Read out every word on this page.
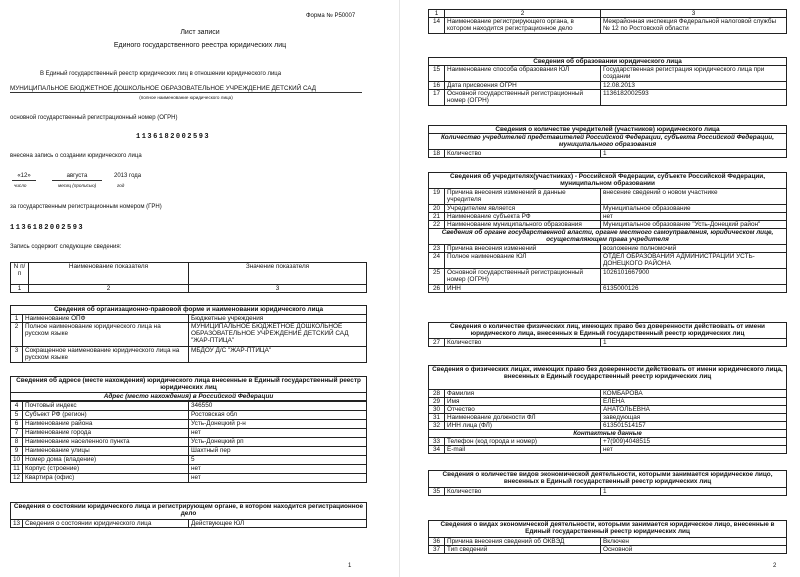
Форма № Р50007
Лист записи
Единого государственного реестра юридических лиц
В Единый государственный реестр юридических лиц в отношении юридического лица
МУНИЦИПАЛЬНОЕ БЮДЖЕТНОЕ ДОШКОЛЬНОЕ ОБРАЗОВАТЕЛЬНОЕ УЧРЕЖДЕНИЕ ДЕТСКИЙ САД
(полное наименование юридического лица)
основной государственный регистрационный номер (ОГРН)
1136182002593
внесена запись о создании юридического лица
«12»	августа	2013 года
число	месяц (прописью)	год
за государственным регистрационным номером (ГРН)
1136182002593
Запись содержит следующие сведения:
N п/п	Наименование показателя	Значение показателя
1	2	3
Сведения об организационно-правовой форме и наименовании юридического лица		
1	Наименование ОПФ	Бюджетные учреждения
2	Полное наименование юридического лица на русском языке	МУНИЦИПАЛЬНОЕ БЮДЖЕТНОЕ ДОШКОЛЬНОЕ ОБРАЗОВАТЕЛЬНОЕ УЧРЕЖДЕНИЕ ДЕТСКИЙ САД "ЖАР-ПТИЦА"
3	Сокращенное наименование юридического лица на русском языке	МБДОУ Д/С "ЖАР-ПТИЦА"
Сведения об адресе (месте нахождения) юридического лица внесенные в Единый государственный реестр юридических лиц
Адрес (место нахождения) в Российской Федерации
4	Почтовый индекс	346550
5	Субъект РФ (регион)	Ростовская обл
6	Наименование района	Усть-Донецкий р-н
7	Наименование города	нет
8	Наименование населенного пункта	Усть-Донецкий рп
9	Наименование улицы	Шахтный пер
10	Номер дома (владение)	5
11	Корпус (строение)	нет
12	Квартира (офис)	нет
Сведения о состоянии юридического лица и регистрирующем органе, в котором находится регистрационное дело
13	Сведения о состоянии юридического лица	Действующее ЮЛ
1
1	2	3
14	Наименование регистрирующего органа, в котором находится регистрационное дело	Межрайонная инспекция Федеральной налоговой службы № 12 по Ростовской области
Сведения об образовании юридического лица		
15	Наименование способа образования ЮЛ	Государственная регистрация юридического лица при создании
16	Дата присвоения ОГРН	12.08.2013
17	Основной государственный регистрационный номер (ОГРН)	1136182002593
Сведения о количестве учредителей (участников) юридического лица
Количество учредителей представителей Российской Федерации, субъекта Российской Федерации, муниципального образования
18	Количество	1
Сведения об учредителях(участниках) - Российской Федерации, субъекте Российской Федерации, муниципальном образовании		
19	Причина внесения изменений в данные учредителя	внесение сведений о новом участнике
20	Учредителем является	Муниципальное образование
21	Наименование субъекта РФ	нет
22	Наименование муниципального образования	Муниципальное образование "Усть-Донецкий район"
Сведения об органе государственной власти, органе местного самоуправления, юридическом лице, осуществляющем права учредителя		
23	Причина внесения изменений	возложение полномочий
24	Полное наименование ЮЛ	ОТДЕЛ ОБРАЗОВАНИЯ АДМИНИСТРАЦИИ УСТЬ-ДОНЕЦКОГО РАЙОНА
25	Основной государственный регистрационный номер (ОГРН)	1026101667900
26	ИНН	6135000126
Сведения о количестве физических лиц, имеющих право без доверенности действовать от имени юридического лица, внесенных в Единый государственный реестр юридических лиц
27	Количество	1
Сведения о физических лицах, имеющих право без доверенности действовать от имени юридического лица, внесенных в Единый государственный реестр юридических лиц		
28	Фамилия	КОМБАРОВА
29	Имя	ЕЛЕНА
30	Отчество	АНАТОЛЬЕВНА
31	Наименование должности ФЛ	заведующая
32	ИНН лица (ФЛ)	613501514157
Контактные данные		
33	Телефон (код города и номер)	+7(909)4048515
34	E-mail	нет
Сведения о количестве видов экономической деятельности, которыми занимается юридическое лицо, внесенных в Единый государственный реестр юридических лиц
35	Количество	1
Сведения о видах экономической деятельности, которыми занимается юридическое лицо, внесенные в Единый государственный реестр юридических лиц		
36	Причина внесения сведений об ОКВЭД	Включен
37	Тип сведений	Основной
2
